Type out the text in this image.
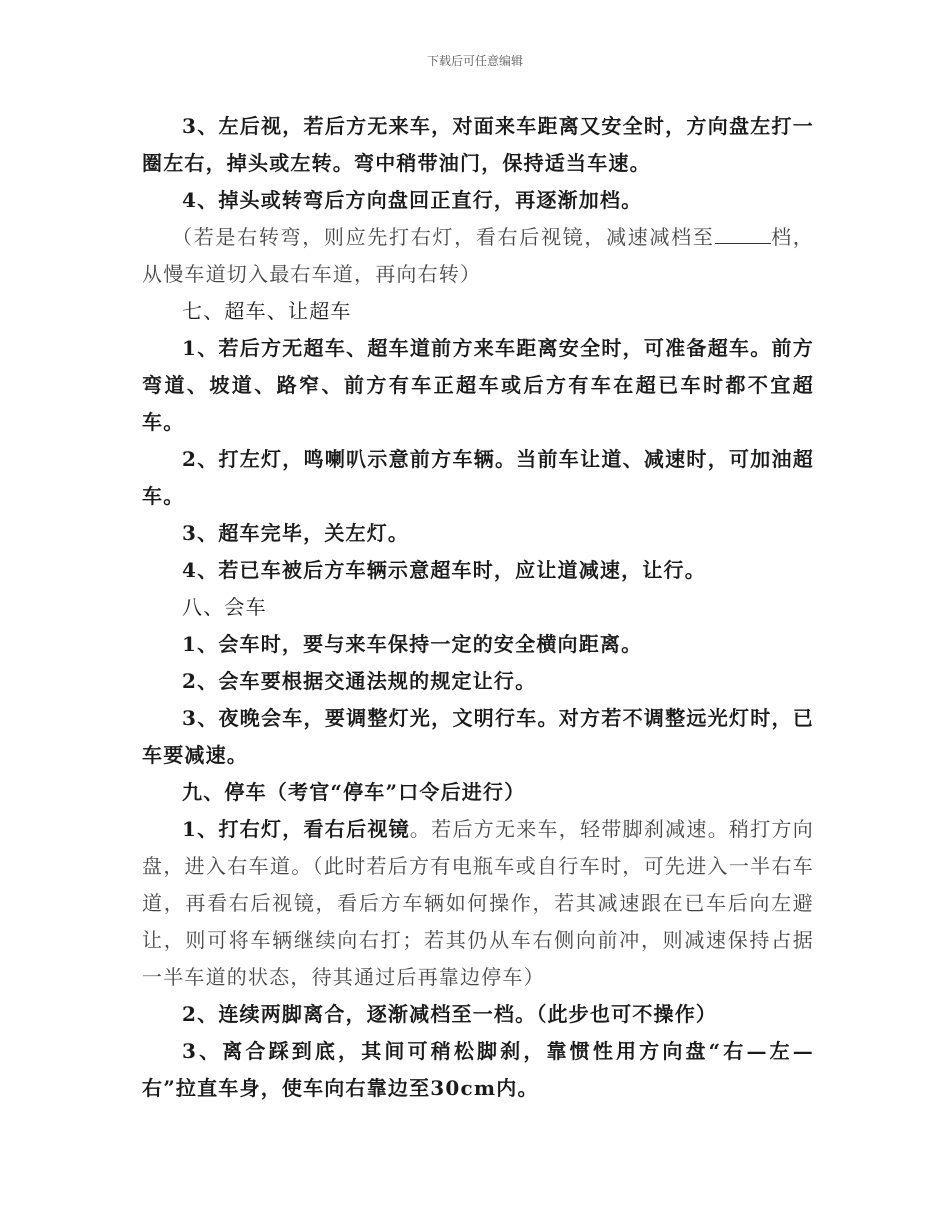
下载后可任意编辑

3、左后视，若后方无来车，对面来车距离又安全时，方向盘左打一圈左右，掉头或左转。弯中稍带油门，保持适当车速。

4、掉头或转弯后方向盘回正直行，再逐渐加档。

（若是右转弯，则应先打右灯，看右后视镜，减速减档至	档，从慢车道切入最右车道，再向右转）

七、超车、让超车

1、若后方无超车、超车道前方来车距离安全时，可准备超车。前方弯道、坡道、路窄、前方有车正超车或后方有车在超已车时都不宜超车。

2、打左灯，鸣喇叭示意前方车辆。当前车让道、减速时，可加油超车。

3、超车完毕，关左灯。

4、若已车被后方车辆示意超车时，应让道减速，让行。

八、会车

1、会车时，要与来车保持一定的安全横向距离。

2、会车要根据交通法规的规定让行。

3、夜晚会车，要调整灯光，文明行车。对方若不调整远光灯时，已车要减速。

九、停车（考官“停车”口令后进行）

1、打右灯，看右后视镜。若后方无来车，轻带脚刹减速。稍打方向盘，进入右车道。（此时若后方有电瓶车或自行车时，可先进入一半右车道，再看右后视镜，看后方车辆如何操作，若其减速跟在已车后向左避让，则可将车辆继续向右打；若其仍从车右侧向前冲，则减速保持占据一半车道的状态，待其通过后再靠边停车）

2、连续两脚离合，逐渐减档至一档。（此步也可不操作）

3、离合踩到底，其间可稍松脚刹，靠惯性用方向盘“右—左—右”拉直车身，使车向右靠边至30cm内。
